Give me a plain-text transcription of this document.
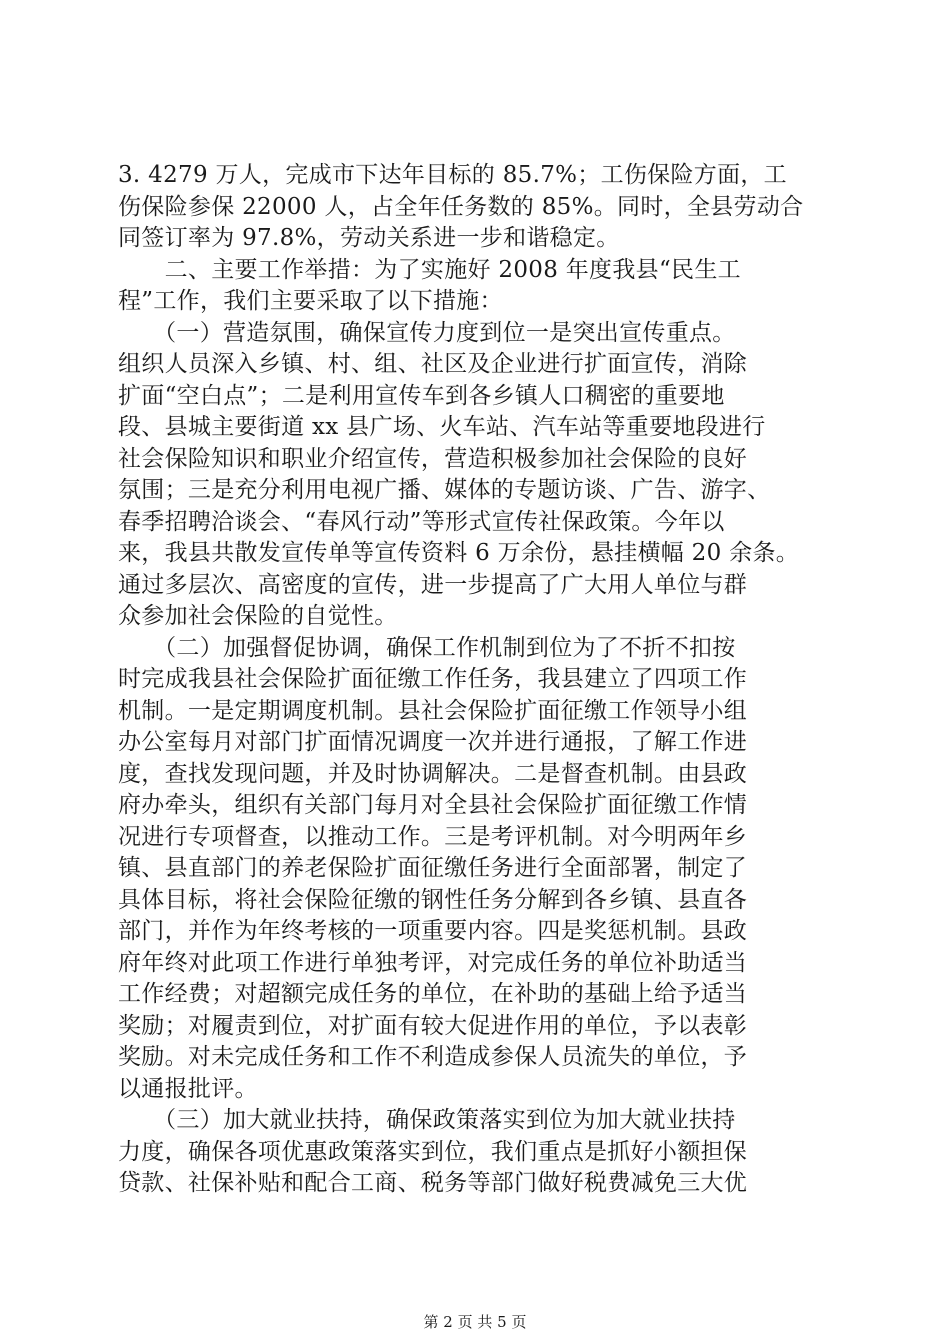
3. 4279 万人，完成市下达年目标的 85.7%；工伤保险方面，工
伤保险参保 22000 人，占全年任务数的 85%。同时，全县劳动合
同签订率为 97.8%，劳动关系进一步和谐稳定。
　　二、主要工作举措：为了实施好 2008 年度我县“民生工
程”工作，我们主要采取了以下措施：
　　（一）营造氛围，确保宣传力度到位一是突出宣传重点。
组织人员深入乡镇、村、组、社区及企业进行扩面宣传，消除
扩面“空白点”；二是利用宣传车到各乡镇人口稠密的重要地
段、县城主要街道 xx 县广场、火车站、汽车站等重要地段进行
社会保险知识和职业介绍宣传，营造积极参加社会保险的良好
氛围；三是充分利用电视广播、媒体的专题访谈、广告、游字、
春季招聘洽谈会、“春风行动”等形式宣传社保政策。今年以
来，我县共散发宣传单等宣传资料 6 万余份，悬挂横幅 20 余条。
通过多层次、高密度的宣传，进一步提高了广大用人单位与群
众参加社会保险的自觉性。
　　（二）加强督促协调，确保工作机制到位为了不折不扣按
时完成我县社会保险扩面征缴工作任务，我县建立了四项工作
机制。一是定期调度机制。县社会保险扩面征缴工作领导小组
办公室每月对部门扩面情况调度一次并进行通报，了解工作进
度，查找发现问题，并及时协调解决。二是督查机制。由县政
府办牵头，组织有关部门每月对全县社会保险扩面征缴工作情
况进行专项督查，以推动工作。三是考评机制。对今明两年乡
镇、县直部门的养老保险扩面征缴任务进行全面部署，制定了
具体目标，将社会保险征缴的钢性任务分解到各乡镇、县直各
部门，并作为年终考核的一项重要内容。四是奖惩机制。县政
府年终对此项工作进行单独考评，对完成任务的单位补助适当
工作经费；对超额完成任务的单位，在补助的基础上给予适当
奖励；对履责到位，对扩面有较大促进作用的单位，予以表彰
奖励。对未完成任务和工作不利造成参保人员流失的单位，予
以通报批评。
　　（三）加大就业扶持，确保政策落实到位为加大就业扶持
力度，确保各项优惠政策落实到位，我们重点是抓好小额担保
贷款、社保补贴和配合工商、税务等部门做好税费减免三大优
第 2 页 共 5 页
